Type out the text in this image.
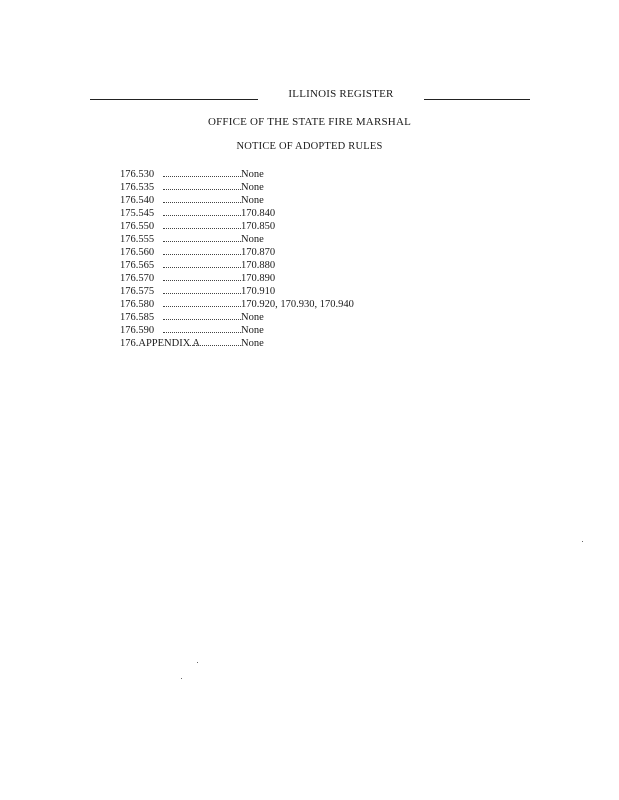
ILLINOIS REGISTER
OFFICE OF THE STATE FIRE MARSHAL
NOTICE OF ADOPTED RULES
176.530	None
176.535	None
176.540	None
175.545	170.840
176.550	170.850
176.555	None
176.560	170.870
176.565	170.880
176.570	170.890
176.575	170.910
176.580	170.920, 170.930, 170.940
176.585	None
176.590	None
176.APPENDIX A	None
